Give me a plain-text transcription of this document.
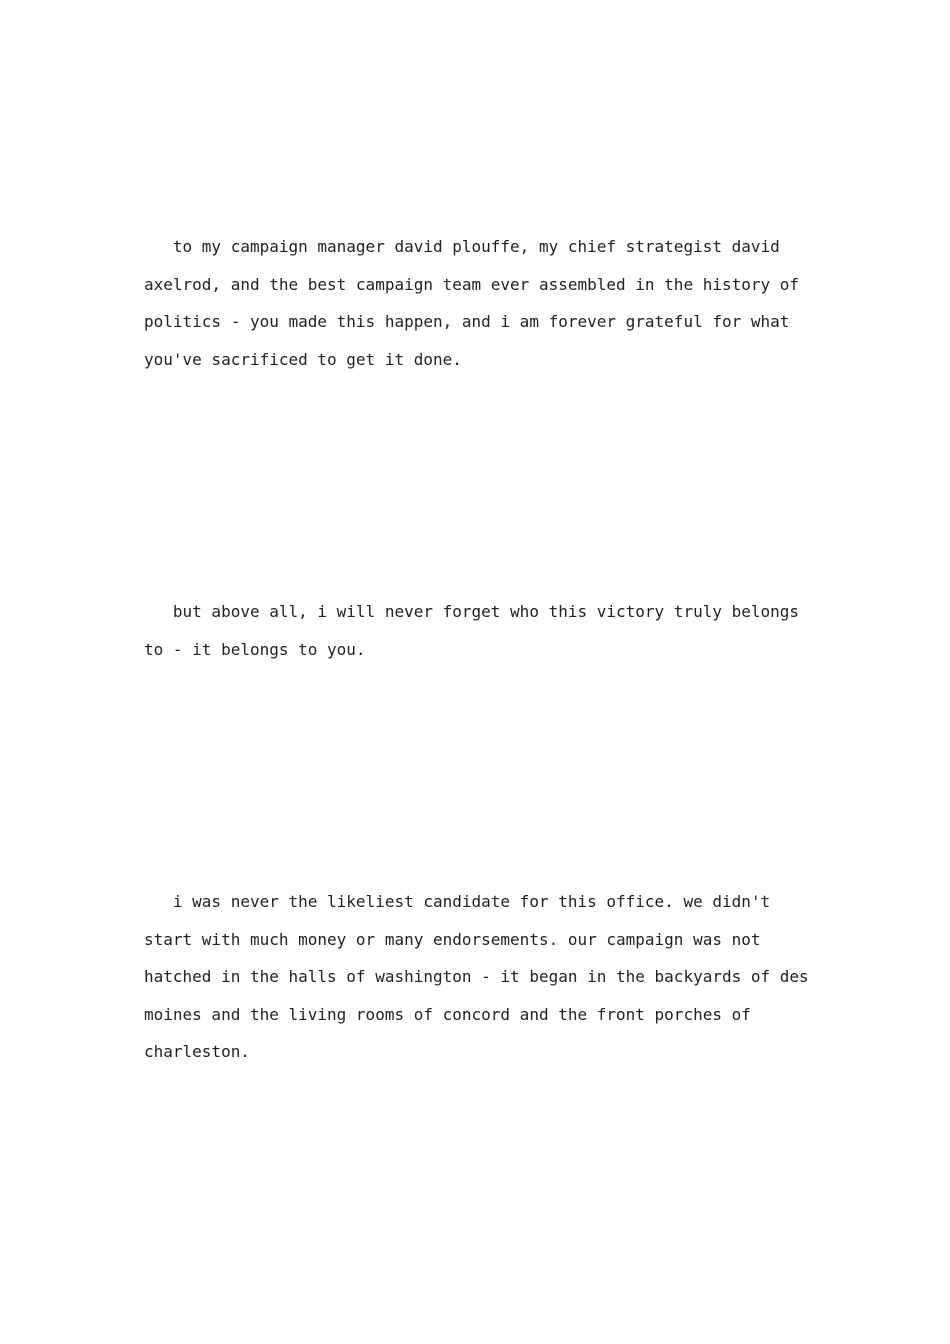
to my campaign manager david plouffe, my chief strategist david
axelrod, and the best campaign team ever assembled in the history of
politics - you made this happen, and i am forever grateful for what
you've sacrificed to get it done.

but above all, i will never forget who this victory truly belongs
to - it belongs to you.

i was never the likeliest candidate for this office. we didn't
start with much money or many endorsements. our campaign was not
hatched in the halls of washington - it began in the backyards of des
moines and the living rooms of concord and the front porches of
charleston.
